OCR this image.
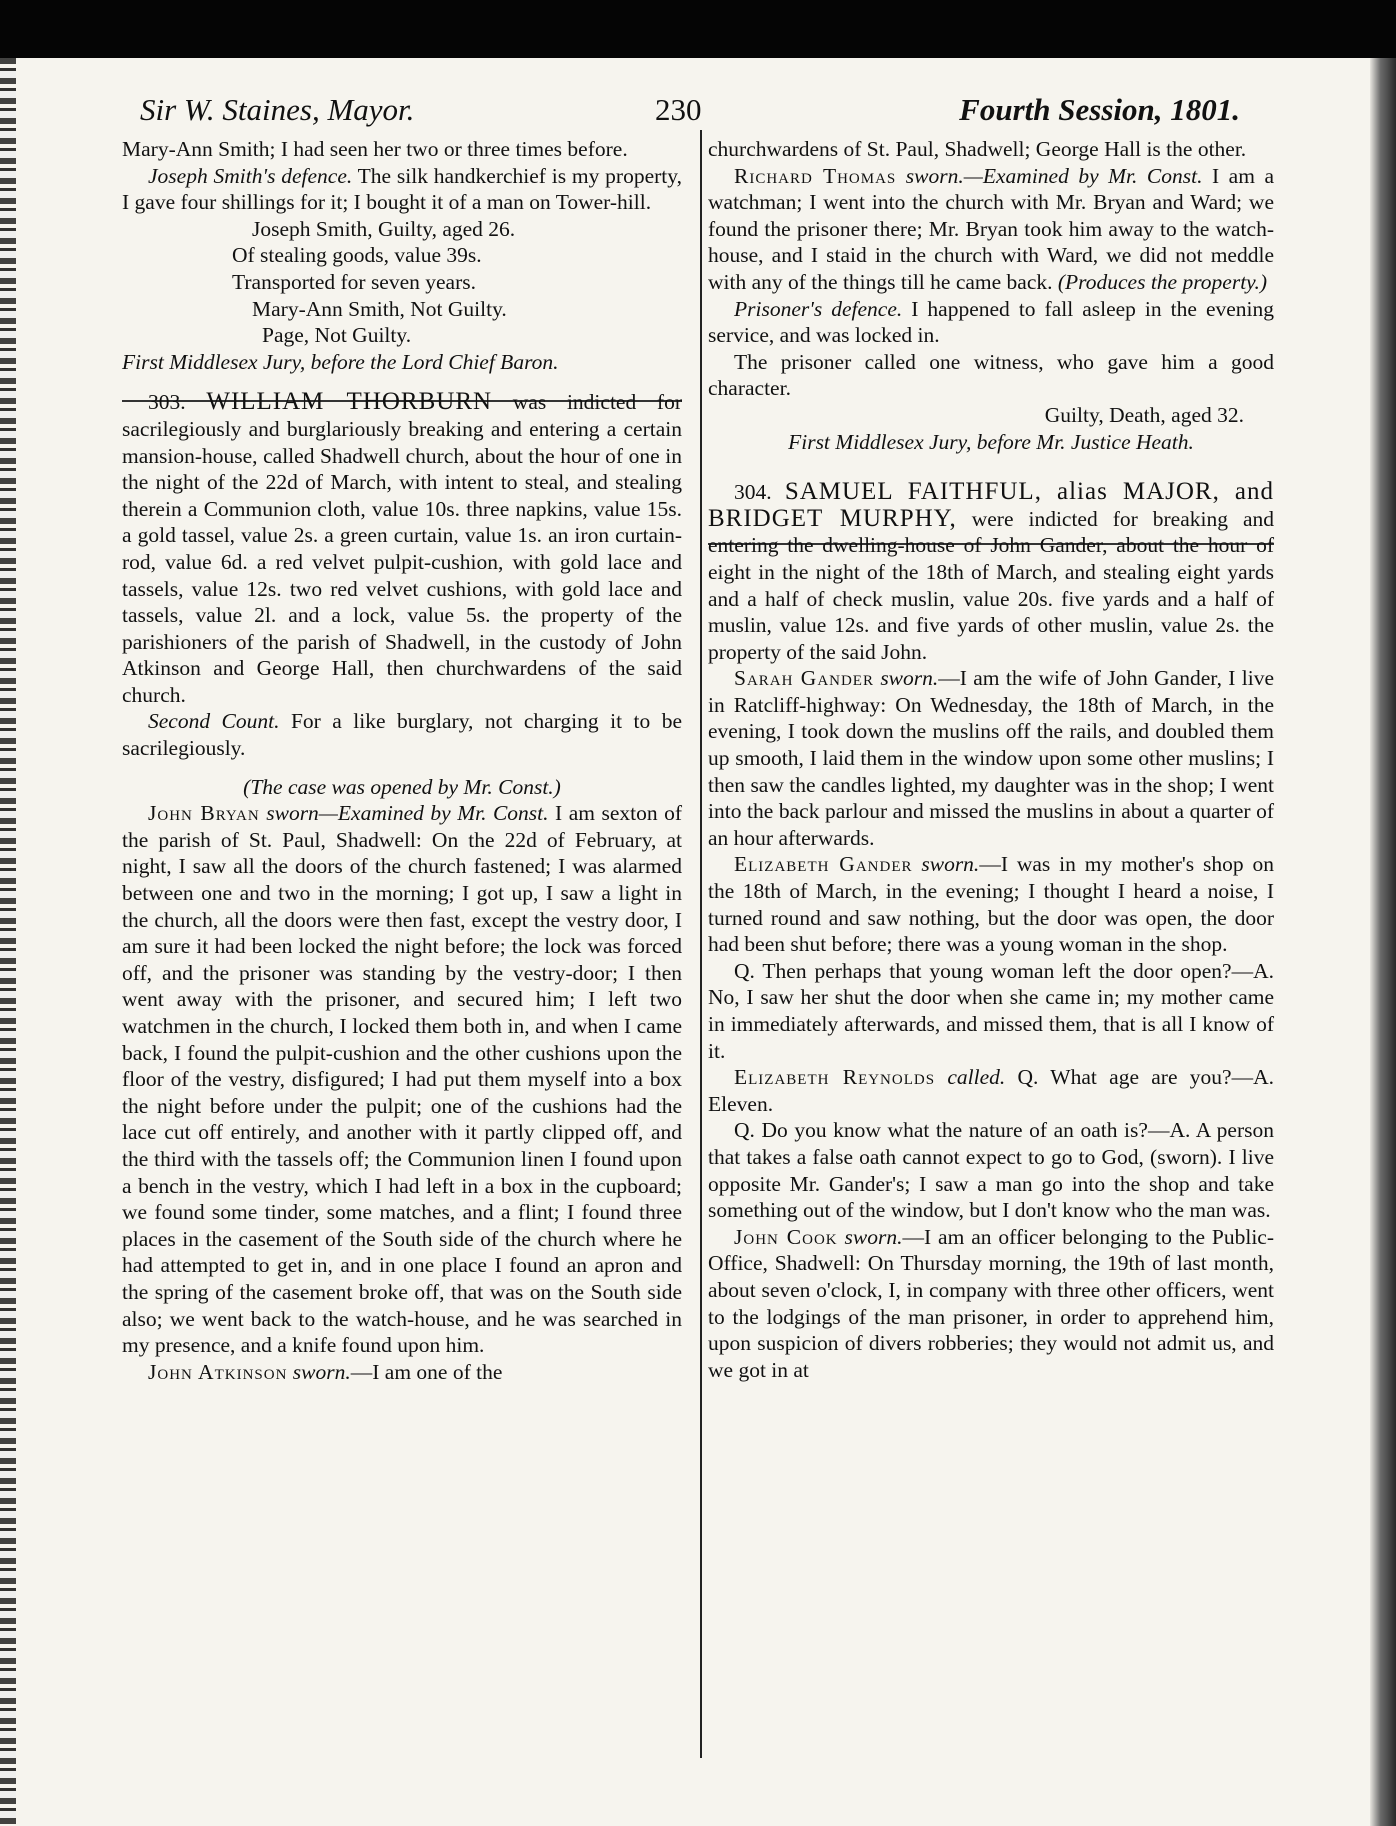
Sir W. Staines, Mayor.	230	Fourth Session, 1801.

Mary-Ann Smith; I had seen her two or three times before.

Joseph Smith's defence. The silk handkerchief is my property, I gave four shillings for it; I bought it of a man on Tower-hill.

Joseph Smith, Guilty, aged 26.

Of stealing goods, value 39s.

Transported for seven years.

Mary-Ann Smith, Not Guilty.

Page, Not Guilty.

First Middlesex Jury, before the Lord Chief Baron.

303. WILLIAM THORBURN was indicted for sacrilegiously and burglariously breaking and entering a certain mansion-house, called Shadwell church, about the hour of one in the night of the 22d of March, with intent to steal, and stealing therein a Communion cloth, value 10s. three napkins, value 15s. a gold tassel, value 2s. a green curtain, value 1s. an iron curtain-rod, value 6d. a red velvet pulpit-cushion, with gold lace and tassels, value 12s. two red velvet cushions, with gold lace and tassels, value 2l. and a lock, value 5s. the property of the parishioners of the parish of Shadwell, in the custody of John Atkinson and George Hall, then churchwardens of the said church.

Second Count. For a like burglary, not charging it to be sacrilegiously.

(The case was opened by Mr. Const.)

John Bryan sworn—Examined by Mr. Const. I am sexton of the parish of St. Paul, Shadwell: On the 22d of February, at night, I saw all the doors of the church fastened; I was alarmed between one and two in the morning; I got up, I saw a light in the church, all the doors were then fast, except the vestry door, I am sure it had been locked the night before; the lock was forced off, and the prisoner was standing by the vestry-door; I then went away with the prisoner, and secured him; I left two watchmen in the church, I locked them both in, and when I came back, I found the pulpit-cushion and the other cushions upon the floor of the vestry, disfigured; I had put them myself into a box the night before under the pulpit; one of the cushions had the lace cut off entirely, and another with it partly clipped off, and the third with the tassels off; the Communion linen I found upon a bench in the vestry, which I had left in a box in the cupboard; we found some tinder, some matches, and a flint; I found three places in the casement of the South side of the church where he had attempted to get in, and in one place I found an apron and the spring of the casement broke off, that was on the South side also; we went back to the watch-house, and he was searched in my presence, and a knife found upon him.

John Atkinson sworn.—I am one of the

churchwardens of St. Paul, Shadwell; George Hall is the other.

Richard Thomas sworn.—Examined by Mr. Const. I am a watchman; I went into the church with Mr. Bryan and Ward; we found the prisoner there; Mr. Bryan took him away to the watch-house, and I staid in the church with Ward, we did not meddle with any of the things till he came back. (Produces the property.)

Prisoner's defence. I happened to fall asleep in the evening service, and was locked in.

The prisoner called one witness, who gave him a good character.

Guilty, Death, aged 32.

First Middlesex Jury, before Mr. Justice Heath.

304. SAMUEL FAITHFUL, alias MAJOR, and BRIDGET MURPHY, were indicted for breaking and entering the dwelling-house of John Gander, about the hour of eight in the night of the 18th of March, and stealing eight yards and a half of check muslin, value 20s. five yards and a half of muslin, value 12s. and five yards of other muslin, value 2s. the property of the said John.

Sarah Gander sworn.—I am the wife of John Gander, I live in Ratcliff-highway: On Wednesday, the 18th of March, in the evening, I took down the muslins off the rails, and doubled them up smooth, I laid them in the window upon some other muslins; I then saw the candles lighted, my daughter was in the shop; I went into the back parlour and missed the muslins in about a quarter of an hour afterwards.

Elizabeth Gander sworn.—I was in my mother's shop on the 18th of March, in the evening; I thought I heard a noise, I turned round and saw nothing, but the door was open, the door had been shut before; there was a young woman in the shop.

Q. Then perhaps that young woman left the door open?—A. No, I saw her shut the door when she came in; my mother came in immediately afterwards, and missed them, that is all I know of it.

Elizabeth Reynolds called. Q. What age are you?—A. Eleven.

Q. Do you know what the nature of an oath is?—A. A person that takes a false oath cannot expect to go to God, (sworn). I live opposite Mr. Gander's; I saw a man go into the shop and take something out of the window, but I don't know who the man was.

John Cook sworn.—I am an officer belonging to the Public-Office, Shadwell: On Thursday morning, the 19th of last month, about seven o'clock, I, in company with three other officers, went to the lodgings of the man prisoner, in order to apprehend him, upon suspicion of divers robberies; they would not admit us, and we got in at
